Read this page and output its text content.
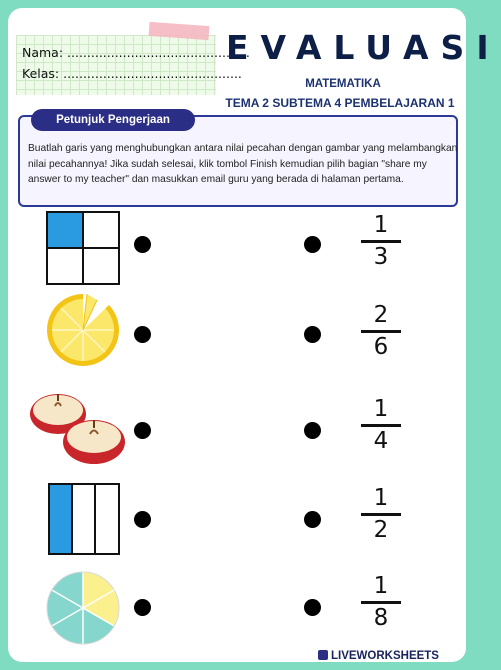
Nama: ..............................................
Kelas: .............................................
EVALUASI
MATEMATIKA
TEMA 2 SUBTEMA 4 PEMBELAJARAN 1
Petunjuk Pengerjaan
Buatlah garis yang menghubungkan antara nilai pecahan dengan gambar yang melambangkan nilai pecahannya! Jika sudah selesai, klik tombol Finish kemudian pilih bagian "share my answer to my teacher" dan masukkan email guru yang berada di halaman pertama.
1
3
2
6
1
4
1
2
1
8
LIVEWORKSHEETS
